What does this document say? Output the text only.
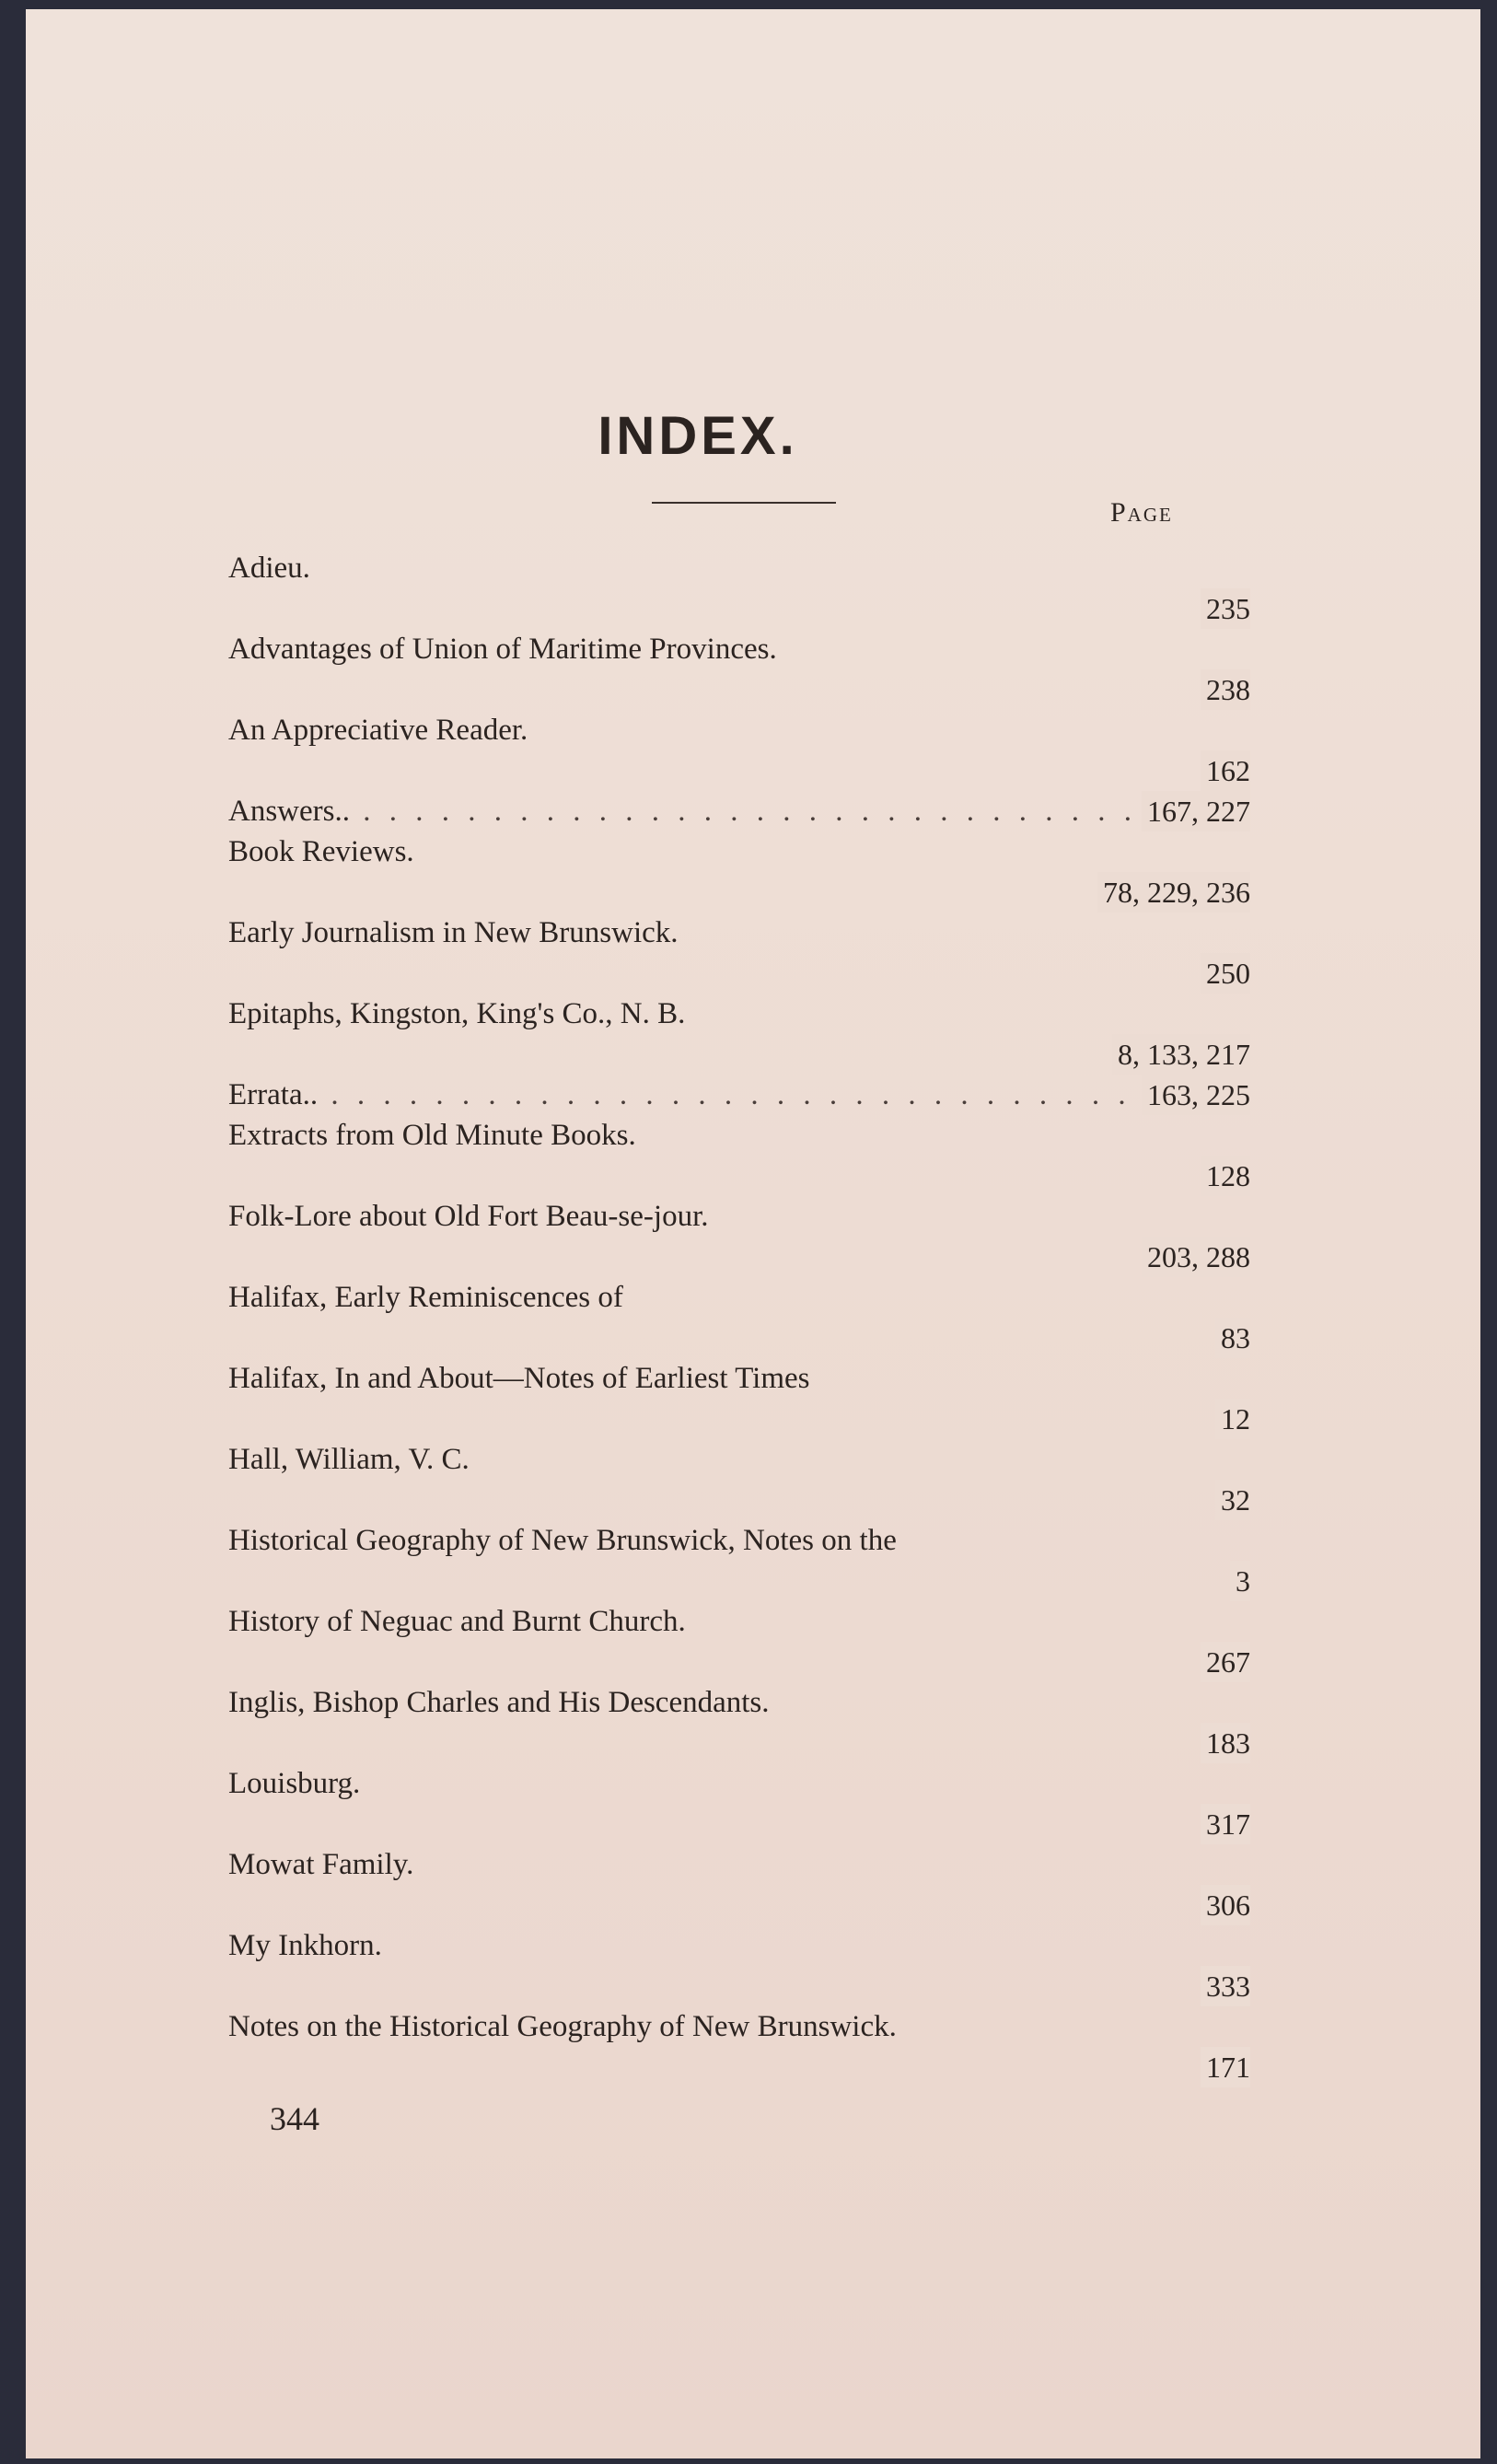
INDEX.
Page
Adieu.
235
Advantages of Union of Maritime Provinces.
238
An Appreciative Reader.
162
Answers.. . . .	167, 227
Book Reviews.
78, 229, 236
Early Journalism in New Brunswick.
250
Epitaphs, Kingston, King's Co., N. B.
8, 133, 217
Errata.. . . .	163, 225
Extracts from Old Minute Books.
128
Folk-Lore about Old Fort Beau-se-jour.
203, 288
Halifax, Early Reminiscences of
83
Halifax, In and About—Notes of Earliest Times
12
Hall, William, V. C.
32
Historical Geography of New Brunswick, Notes on the
3
History of Neguac and Burnt Church.
267
Inglis, Bishop Charles and His Descendants.
183
Louisburg.
317
Mowat Family.
306
My Inkhorn.
333
Notes on the Historical Geography of New Brunswick.
171
344
